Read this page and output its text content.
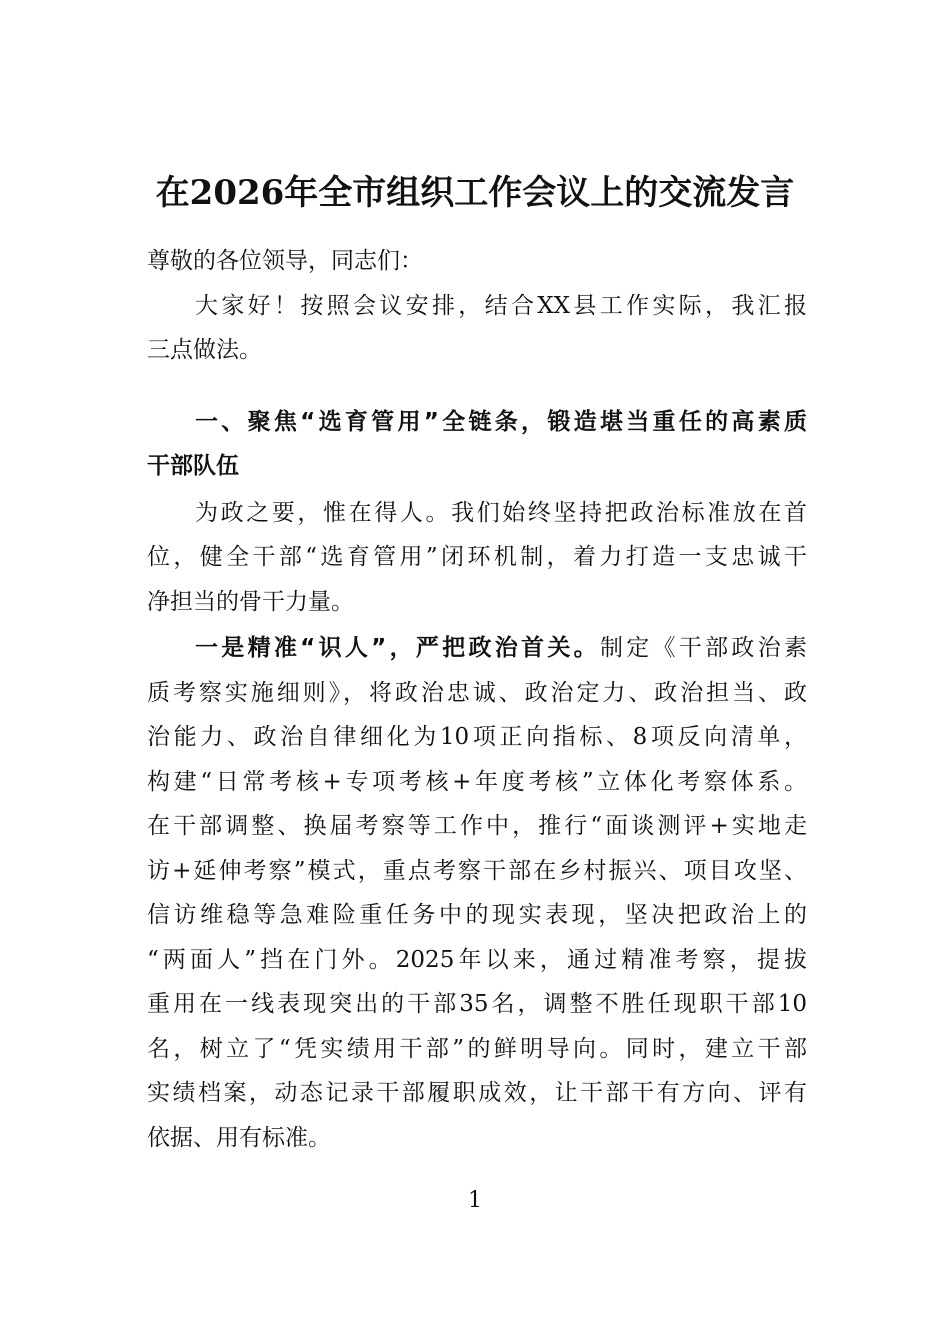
在2026年全市组织工作会议上的交流发言
尊敬的各位领导，同志们：
大家好！按照会议安排，结合XX县工作实际，我汇报
三点做法。
一、聚焦“选育管用”全链条，锻造堪当重任的高素质
干部队伍
为政之要，惟在得人。我们始终坚持把政治标准放在首
位，健全干部“选育管用”闭环机制，着力打造一支忠诚干
净担当的骨干力量。
一是精准“识人”，严把政治首关。制定《干部政治素
质考察实施细则》，将政治忠诚、政治定力、政治担当、政
治能力、政治自律细化为10项正向指标、8项反向清单，
构建“日常考核+专项考核+年度考核”立体化考察体系。
在干部调整、换届考察等工作中，推行“面谈测评+实地走
访+延伸考察”模式，重点考察干部在乡村振兴、项目攻坚、
信访维稳等急难险重任务中的现实表现，坚决把政治上的
“两面人”挡在门外。2025年以来，通过精准考察，提拔
重用在一线表现突出的干部35名，调整不胜任现职干部10
名，树立了“凭实绩用干部”的鲜明导向。同时，建立干部
实绩档案，动态记录干部履职成效，让干部干有方向、评有
依据、用有标准。
1
